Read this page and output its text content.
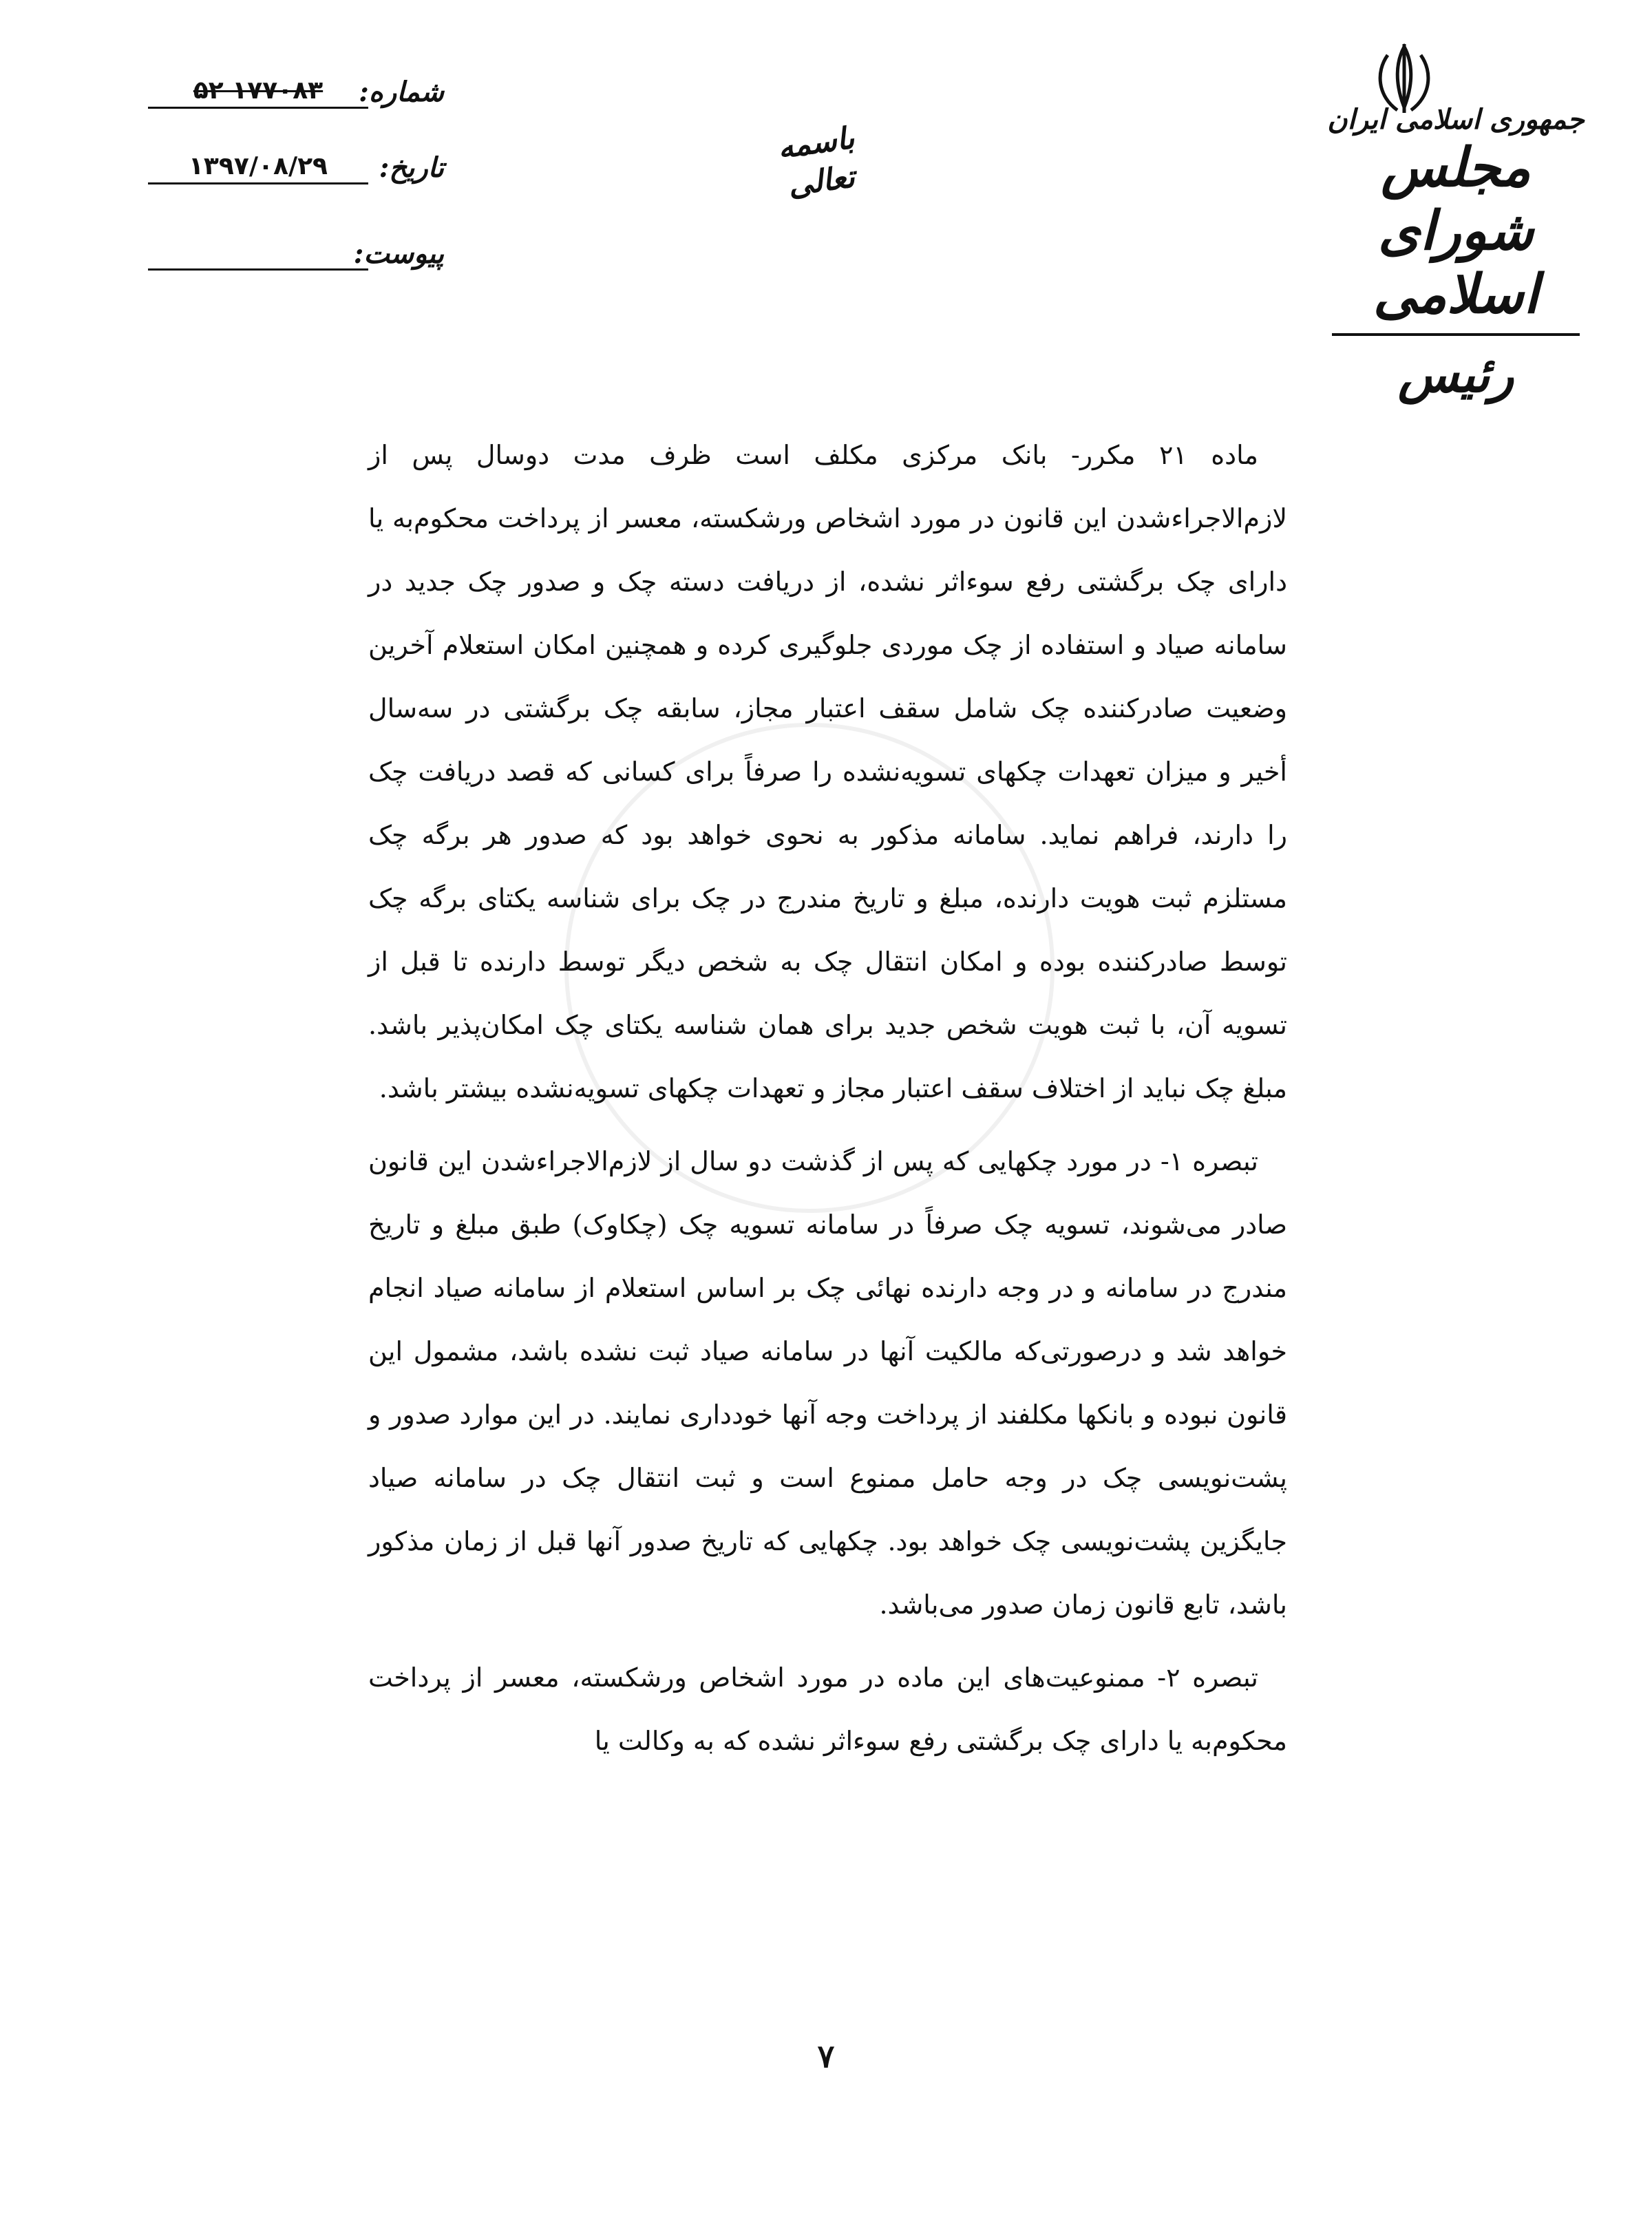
جمهوری اسلامی ایران
مجلس شورای اسلامی
رئیس
باسمه تعالی
شماره:
۵۲ ۱۷۷۰۸۳
تاریخ:
۱۳۹۷/۰۸/۲۹
پیوست:

ماده ۲۱ مکرر- بانک مرکزی مکلف است ظرف مدت دوسال پس از لازم‌الاجراءشدن این قانون در مورد اشخاص ورشکسته، معسر از پرداخت محکوم‌به یا دارای چک برگشتی رفع سوءاثر نشده، از دریافت دسته چک و صدور چک جدید در سامانه صیاد و استفاده از چک موردی جلوگیری کرده و همچنین امکان استعلام آخرین وضعیت صادرکننده چک شامل سقف اعتبار مجاز، سابقه چک برگشتی در سه‌سال أخیر و میزان تعهدات چکهای تسویه‌نشده را صرفاً برای کسانی که قصد دریافت چک را دارند، فراهم نماید. سامانه مذکور به نحوی خواهد بود که صدور هر برگه چک مستلزم ثبت هویت دارنده، مبلغ و تاریخ مندرج در چک برای شناسه یکتای برگه چک توسط صادرکننده بوده و امکان انتقال چک به شخص دیگر توسط دارنده تا قبل از تسویه آن، با ثبت هویت شخص جدید برای همان شناسه یکتای چک امکان‌پذیر باشد. مبلغ چک نباید از اختلاف سقف اعتبار مجاز و تعهدات چکهای تسویه‌نشده بیشتر باشد.

تبصره ۱- در مورد چکهایی که پس از گذشت دو سال از لازم‌الاجراءشدن این قانون صادر می‌شوند، تسویه چک صرفاً در سامانه تسویه چک (چکاوک) طبق مبلغ و تاریخ مندرج در سامانه و در وجه دارنده نهائی چک بر اساس استعلام از سامانه صیاد انجام خواهد شد و درصورتی‌که مالکیت آنها در سامانه صیاد ثبت نشده باشد، مشمول این قانون نبوده و بانکها مکلفند از پرداخت وجه آنها خودداری نمایند. در این موارد صدور و پشت‌نویسی چک در وجه حامل ممنوع است و ثبت انتقال چک در سامانه صیاد جایگزین پشت‌نویسی چک خواهد بود. چکهایی که تاریخ صدور آنها قبل از زمان مذکور باشد، تابع قانون زمان صدور می‌باشد.

تبصره ۲- ممنوعیت‌های این ماده در مورد اشخاص ورشکسته، معسر از پرداخت محکوم‌به یا دارای چک برگشتی رفع سوءاثر نشده که به وکالت یا

۷
